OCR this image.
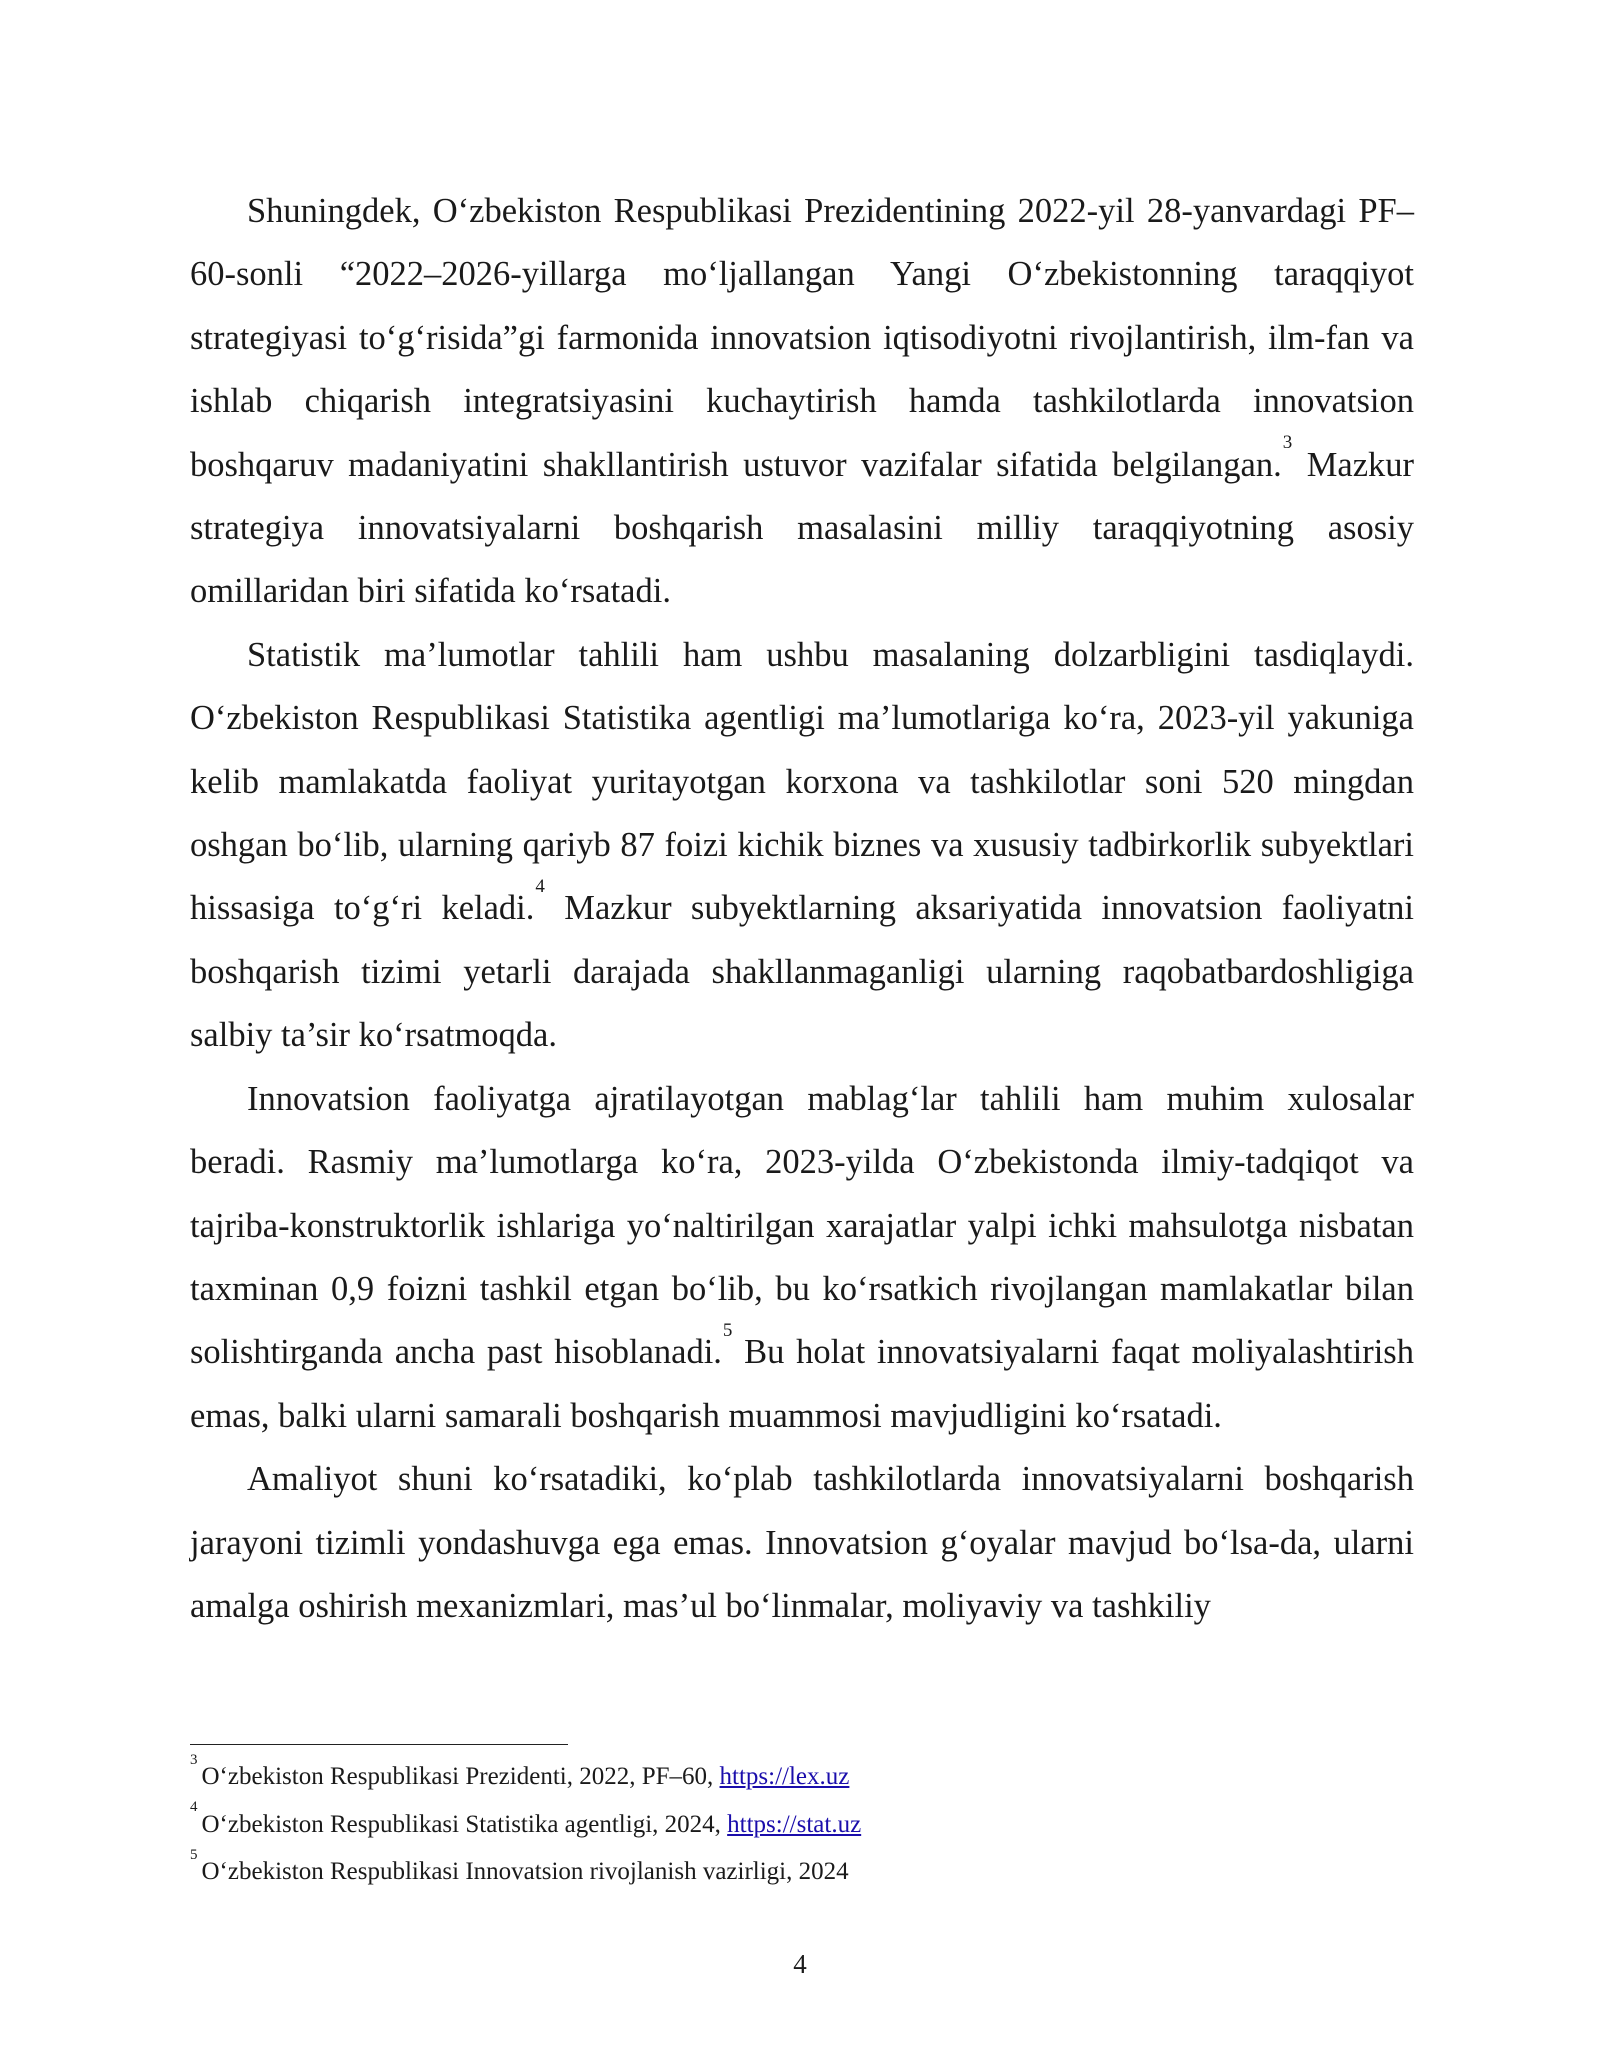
Shuningdek, Oʻzbekiston Respublikasi Prezidentining 2022-yil 28-yanvardagi PF–60-sonli “2022–2026-yillarga moʻljallangan Yangi Oʻzbekistonning taraqqiyot strategiyasi toʻgʻrisida”gi farmonida innovatsion iqtisodiyotni rivojlantirish, ilm-fan va ishlab chiqarish integratsiyasini kuchaytirish hamda tashkilotlarda innovatsion boshqaruv madaniyatini shakllantirish ustuvor vazifalar sifatida belgilangan.$^3$ Mazkur strategiya innovatsiyalarni boshqarish masalasini milliy taraqqiyotning asosiy omillaridan biri sifatida koʻrsatadi.

Statistik ma’lumotlar tahlili ham ushbu masalaning dolzarbligini tasdiqlaydi. Oʻzbekiston Respublikasi Statistika agentligi ma’lumotlariga koʻra, 2023-yil yakuniga kelib mamlakatda faoliyat yuritayotgan korxona va tashkilotlar soni 520 mingdan oshgan boʻlib, ularning qariyb 87 foizi kichik biznes va xususiy tadbirkorlik subyektlari hissasiga toʻgʻri keladi.$^4$ Mazkur subyektlarning aksariyatida innovatsion faoliyatni boshqarish tizimi yetarli darajada shakllanmaganligi ularning raqobatbardoshligiga salbiy ta’sir koʻrsatmoqda.

Innovatsion faoliyatga ajratilayotgan mablagʻlar tahlili ham muhim xulosalar beradi. Rasmiy ma’lumotlarga koʻra, 2023-yilda Oʻzbekistonda ilmiy-tadqiqot va tajriba-konstruktorlik ishlariga yoʻnaltirilgan xarajatlar yalpi ichki mahsulotga nisbatan taxminan 0,9 foizni tashkil etgan boʻlib, bu koʻrsatkich rivojlangan mamlakatlar bilan solishtirganda ancha past hisoblanadi.$^5$ Bu holat innovatsiyalarni faqat moliyalashtirish emas, balki ularni samarali boshqarish muammosi mavjudligini koʻrsatadi.

Amaliyot shuni koʻrsatadiki, koʻplab tashkilotlarda innovatsiyalarni boshqarish jarayoni tizimli yondashuvga ega emas. Innovatsion gʻoyalar mavjud boʻlsa-da, ularni amalga oshirish mexanizmlari, mas’ul boʻlinmalar, moliyaviy va tashkiliy

$^3$Oʻzbekiston Respublikasi Prezidenti, 2022, PF–60, https://lex.uz

$^4$Oʻzbekiston Respublikasi Statistika agentligi, 2024, https://stat.uz

$^5$Oʻzbekiston Respublikasi Innovatsion rivojlanish vazirligi, 2024

4
